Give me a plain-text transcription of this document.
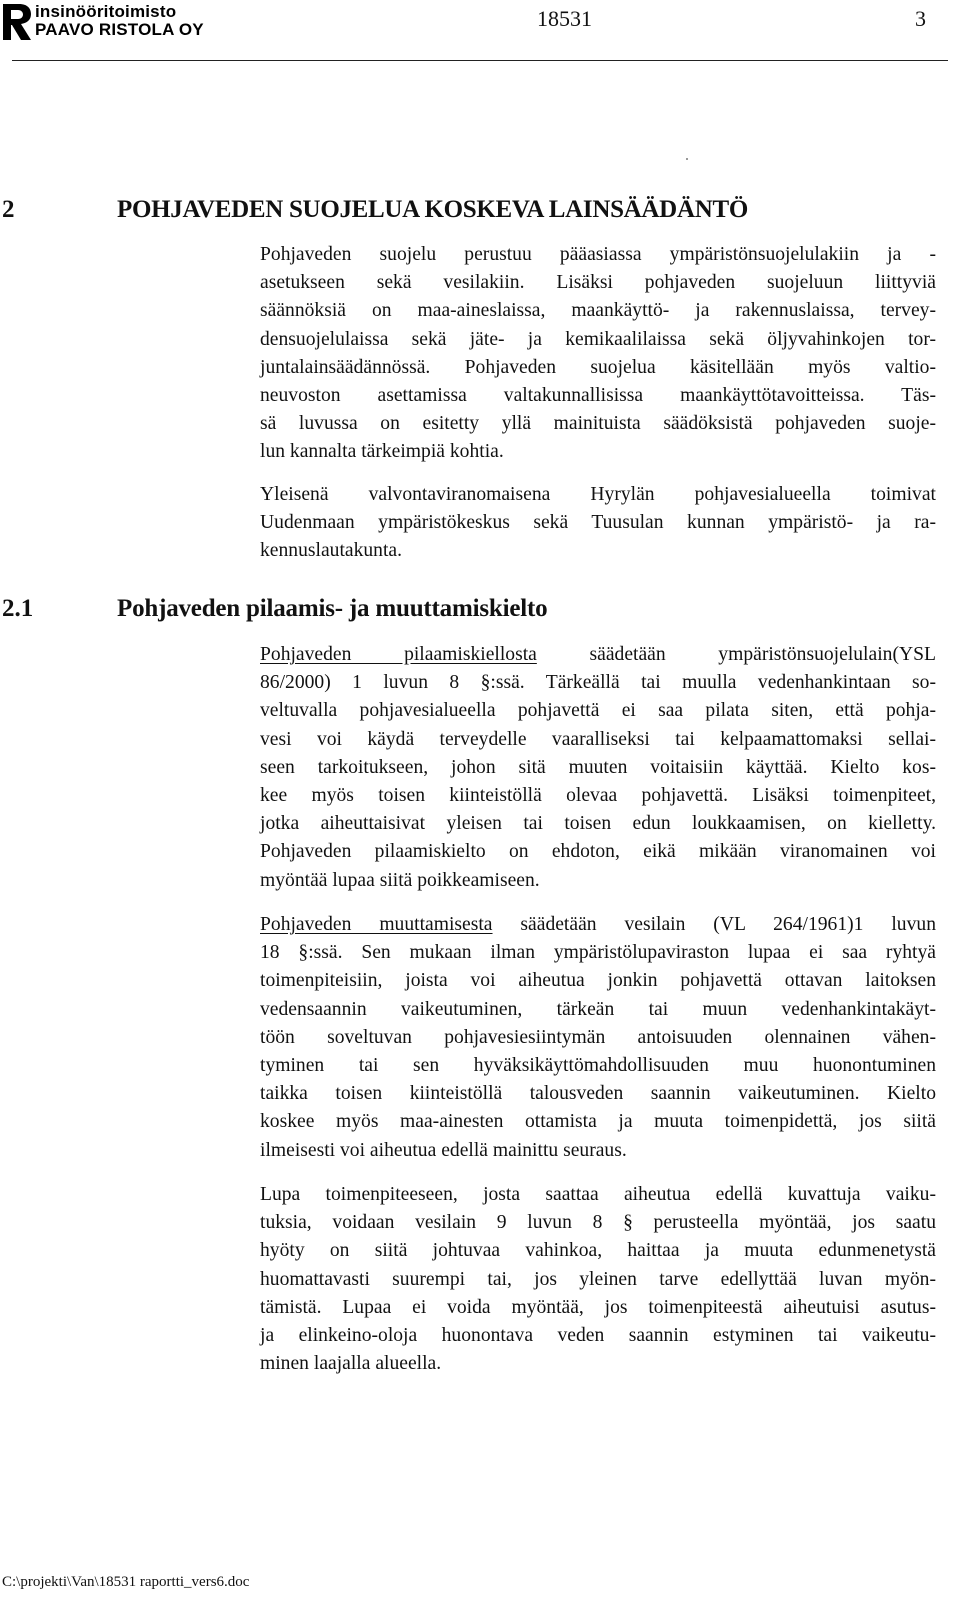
insinööritoimisto
PAAVO RISTOLA OY	18531	3
2	POHJAVEDEN SUOJELUA KOSKEVA LAINSÄÄDÄNTÖ
Pohjaveden suojelu perustuu pääasiassa ympäristönsuojelulakiin ja -
asetukseen sekä vesilakiin. Lisäksi pohjaveden suojeluun liittyviä
säännöksiä on maa-aineslaissa, maankäyttö- ja rakennuslaissa, tervey-
densuojelulaissa sekä jäte- ja kemikaalilaissa sekä öljyvahinkojen tor-
juntalainsäädännössä. Pohjaveden suojelua käsitellään myös valtio-
neuvoston asettamissa valtakunnallisissa maankäyttötavoitteissa. Täs-
sä luvussa on esitetty yllä mainituista säädöksistä pohjaveden suoje-
lun kannalta tärkeimpiä kohtia.
Yleisenä valvontaviranomaisena Hyrylän pohjavesialueella toimivat
Uudenmaan ympäristökeskus sekä Tuusulan kunnan ympäristö- ja ra-
kennuslautakunta.
2.1	Pohjaveden pilaamis- ja muuttamiskielto
Pohjaveden pilaamiskiellosta	säädetään ympäristönsuojelulain(YSL
86/2000) 1 luvun 8 §:ssä. Tärkeällä tai muulla vedenhankintaan so-
veltuvalla pohjavesialueella pohjavettä ei saa pilata siten, että pohja-
vesi voi käydä terveydelle vaaralliseksi tai kelpaamattomaksi sellai-
seen tarkoitukseen, johon sitä muuten voitaisiin käyttää. Kielto kos-
kee myös toisen kiinteistöllä olevaa pohjavettä. Lisäksi toimenpiteet,
jotka aiheuttaisivat yleisen tai toisen edun loukkaamisen, on kielletty.
Pohjaveden pilaamiskielto on ehdoton, eikä mikään viranomainen voi
myöntää lupaa siitä poikkeamiseen.
Pohjaveden muuttamisesta säädetään vesilain (VL 264/1961)1 luvun
18 §:ssä. Sen mukaan ilman ympäristölupaviraston lupaa ei saa ryhtyä
toimenpiteisiin, joista voi aiheutua jonkin pohjavettä ottavan laitoksen
vedensaannin vaikeutuminen, tärkeän tai muun vedenhankintakäyt-
töön soveltuvan pohjavesiesiintymän antoisuuden olennainen vähen-
tyminen tai sen hyväksikäyttömahdollisuuden muu huonontuminen
taikka toisen kiinteistöllä talousveden saannin vaikeutuminen. Kielto
koskee myös maa-ainesten ottamista ja muuta toimenpidettä, jos siitä
ilmeisesti voi aiheutua edellä mainittu seuraus.
Lupa toimenpiteeseen, josta saattaa aiheutua edellä kuvattuja vaiku-
tuksia, voidaan vesilain 9 luvun 8 § perusteella myöntää, jos saatu
hyöty on siitä johtuvaa vahinkoa, haittaa ja muuta edunmenetystä
huomattavasti suurempi tai, jos yleinen tarve edellyttää luvan myön-
tämistä. Lupaa ei voida myöntää, jos toimenpiteestä aiheutuisi asutus-
ja elinkeino-oloja huonontava veden saannin estyminen tai vaikeutu-
minen laajalla alueella.
C:\projekti\Van\18531 raportti_vers6.doc
